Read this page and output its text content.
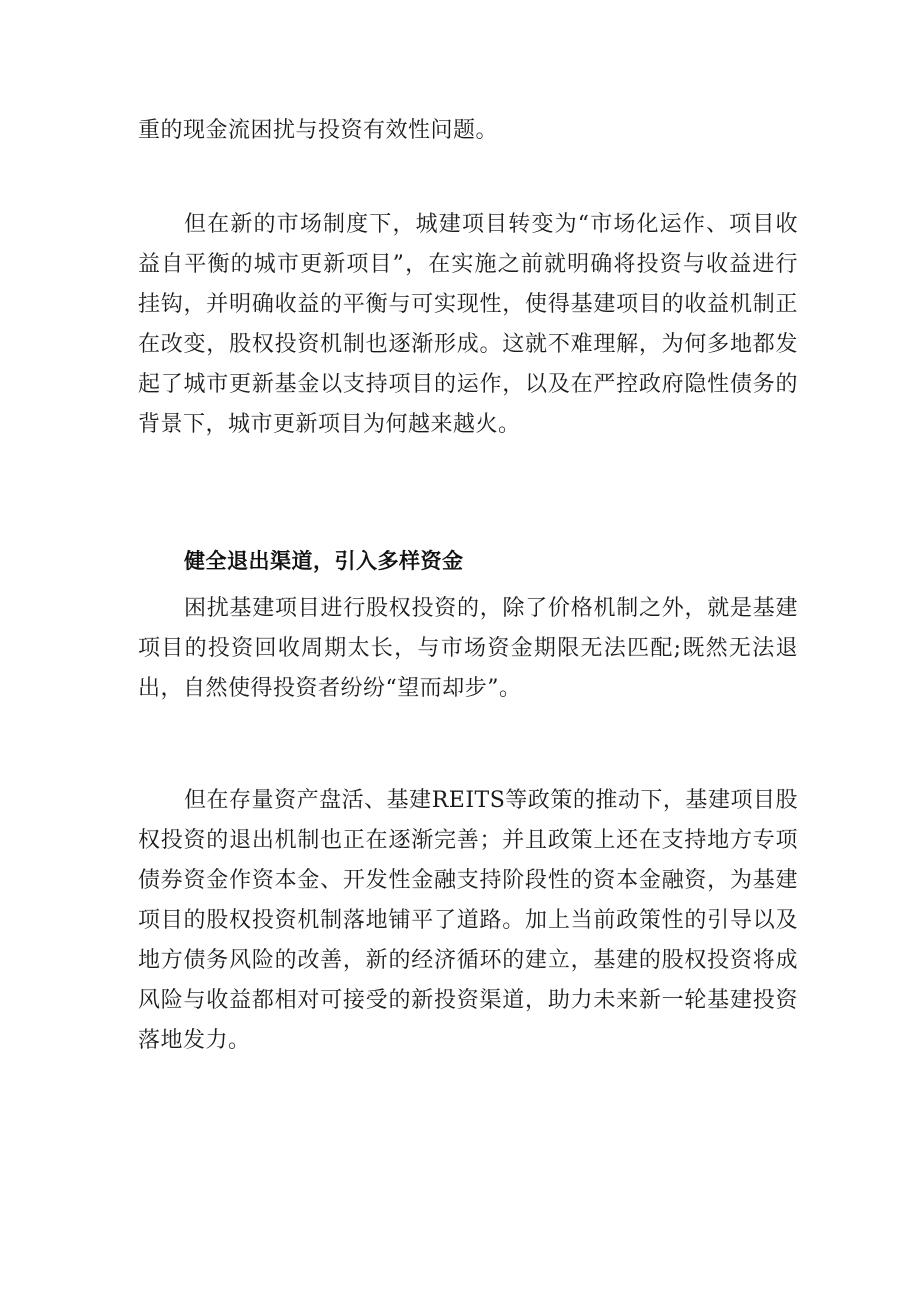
重的现金流困扰与投资有效性问题。

但在新的市场制度下，城建项目转变为“市场化运作、项目收益自平衡的城市更新项目”，在实施之前就明确将投资与收益进行挂钩，并明确收益的平衡与可实现性，使得基建项目的收益机制正在改变，股权投资机制也逐渐形成。这就不难理解，为何多地都发起了城市更新基金以支持项目的运作，以及在严控政府隐性债务的背景下，城市更新项目为何越来越火。

健全退出渠道，引入多样资金

困扰基建项目进行股权投资的，除了价格机制之外，就是基建项目的投资回收周期太长，与市场资金期限无法匹配;既然无法退出，自然使得投资者纷纷“望而却步”。

但在存量资产盘活、基建REITS等政策的推动下，基建项目股权投资的退出机制也正在逐渐完善；并且政策上还在支持地方专项债券资金作资本金、开发性金融支持阶段性的资本金融资，为基建项目的股权投资机制落地铺平了道路。加上当前政策性的引导以及地方债务风险的改善，新的经济循环的建立，基建的股权投资将成风险与收益都相对可接受的新投资渠道，助力未来新一轮基建投资落地发力。
